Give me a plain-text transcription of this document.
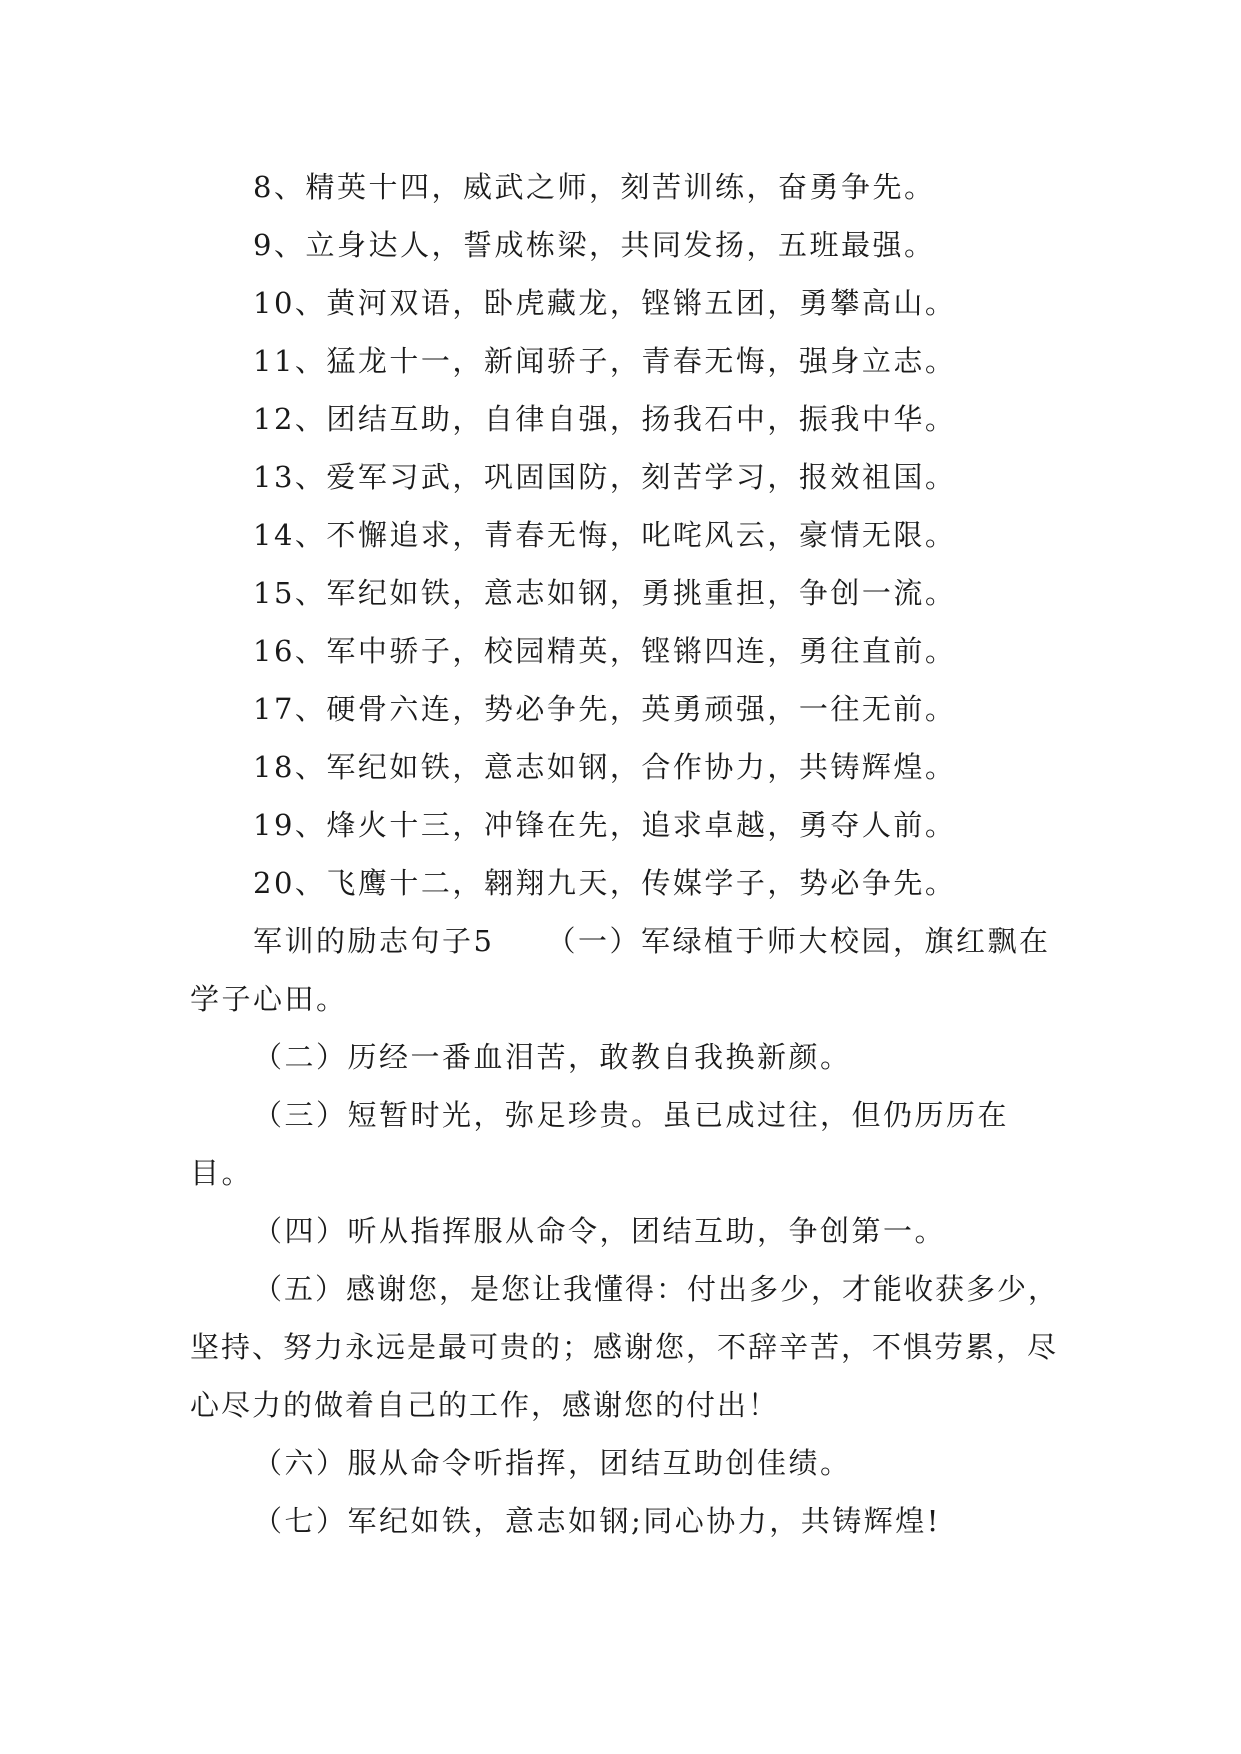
8、精英十四，威武之师，刻苦训练，奋勇争先。

9、立身达人，誓成栋梁，共同发扬，五班最强。

10、黄河双语，卧虎藏龙，铿锵五团，勇攀高山。

11、猛龙十一，新闻骄子，青春无悔，强身立志。

12、团结互助，自律自强，扬我石中，振我中华。

13、爱军习武，巩固国防，刻苦学习，报效祖国。

14、不懈追求，青春无悔，叱咤风云，豪情无限。

15、军纪如铁，意志如钢，勇挑重担，争创一流。

16、军中骄子，校园精英，铿锵四连，勇往直前。

17、硬骨六连，势必争先，英勇顽强，一往无前。

18、军纪如铁，意志如钢，合作协力，共铸辉煌。

19、烽火十三，冲锋在先，追求卓越，勇夺人前。

20、飞鹰十二，翱翔九天，传媒学子，势必争先。

军训的励志句子5 （一）军绿植于师大校园，旗红飘在学子心田。

（二）历经一番血泪苦，敢教自我换新颜。

（三）短暂时光，弥足珍贵。虽已成过往，但仍历历在目。

（四）听从指挥服从命令，团结互助，争创第一。

（五）感谢您，是您让我懂得：付出多少，才能收获多少，坚持、努力永远是最可贵的；感谢您，不辞辛苦，不惧劳累，尽心尽力的做着自己的工作，感谢您的付出！

（六）服从命令听指挥，团结互助创佳绩。

（七）军纪如铁，意志如钢;同心协力，共铸辉煌!
